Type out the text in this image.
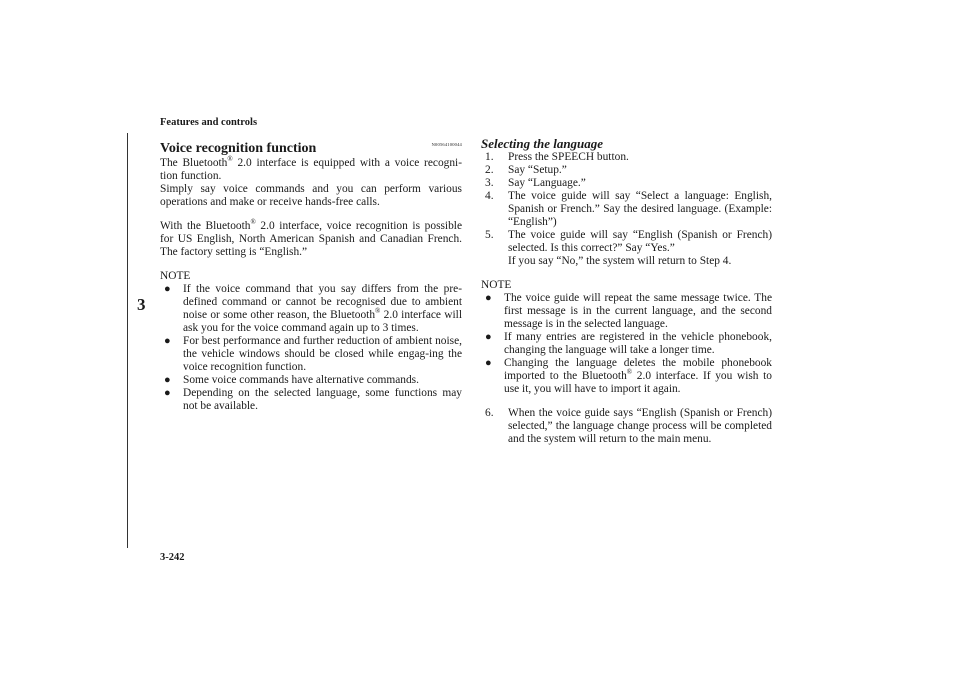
Features and controls
3
3-242
Voice recognition function	N00564100044

The Bluetooth® 2.0 interface is equipped with a voice recogni-tion function.

Simply say voice commands and you can perform various operations and make or receive hands-free calls.

With the Bluetooth® 2.0 interface, voice recognition is possible for US English, North American Spanish and Canadian French. The factory setting is “English.”

NOTE
● If the voice command that you say differs from the pre-defined command or cannot be recognised due to ambient noise or some other reason, the Bluetooth® 2.0 interface will ask you for the voice command again up to 3 times.
● For best performance and further reduction of ambient noise, the vehicle windows should be closed while engag-ing the voice recognition function.
● Some voice commands have alternative commands.
● Depending on the selected language, some functions may not be available.
Selecting the language
1. Press the SPEECH button.
2. Say “Setup.”
3. Say “Language.”
4. The voice guide will say “Select a language: English, Spanish or French.” Say the desired language. (Example: “English”)
5. The voice guide will say “English (Spanish or French) selected. Is this correct?” Say “Yes.”
If you say “No,” the system will return to Step 4.
NOTE
● The voice guide will repeat the same message twice. The first message is in the current language, and the second message is in the selected language.
● If many entries are registered in the vehicle phonebook, changing the language will take a longer time.
● Changing the language deletes the mobile phonebook imported to the Bluetooth® 2.0 interface. If you wish to use it, you will have to import it again.
6. When the voice guide says “English (Spanish or French) selected,” the language change process will be completed and the system will return to the main menu.
